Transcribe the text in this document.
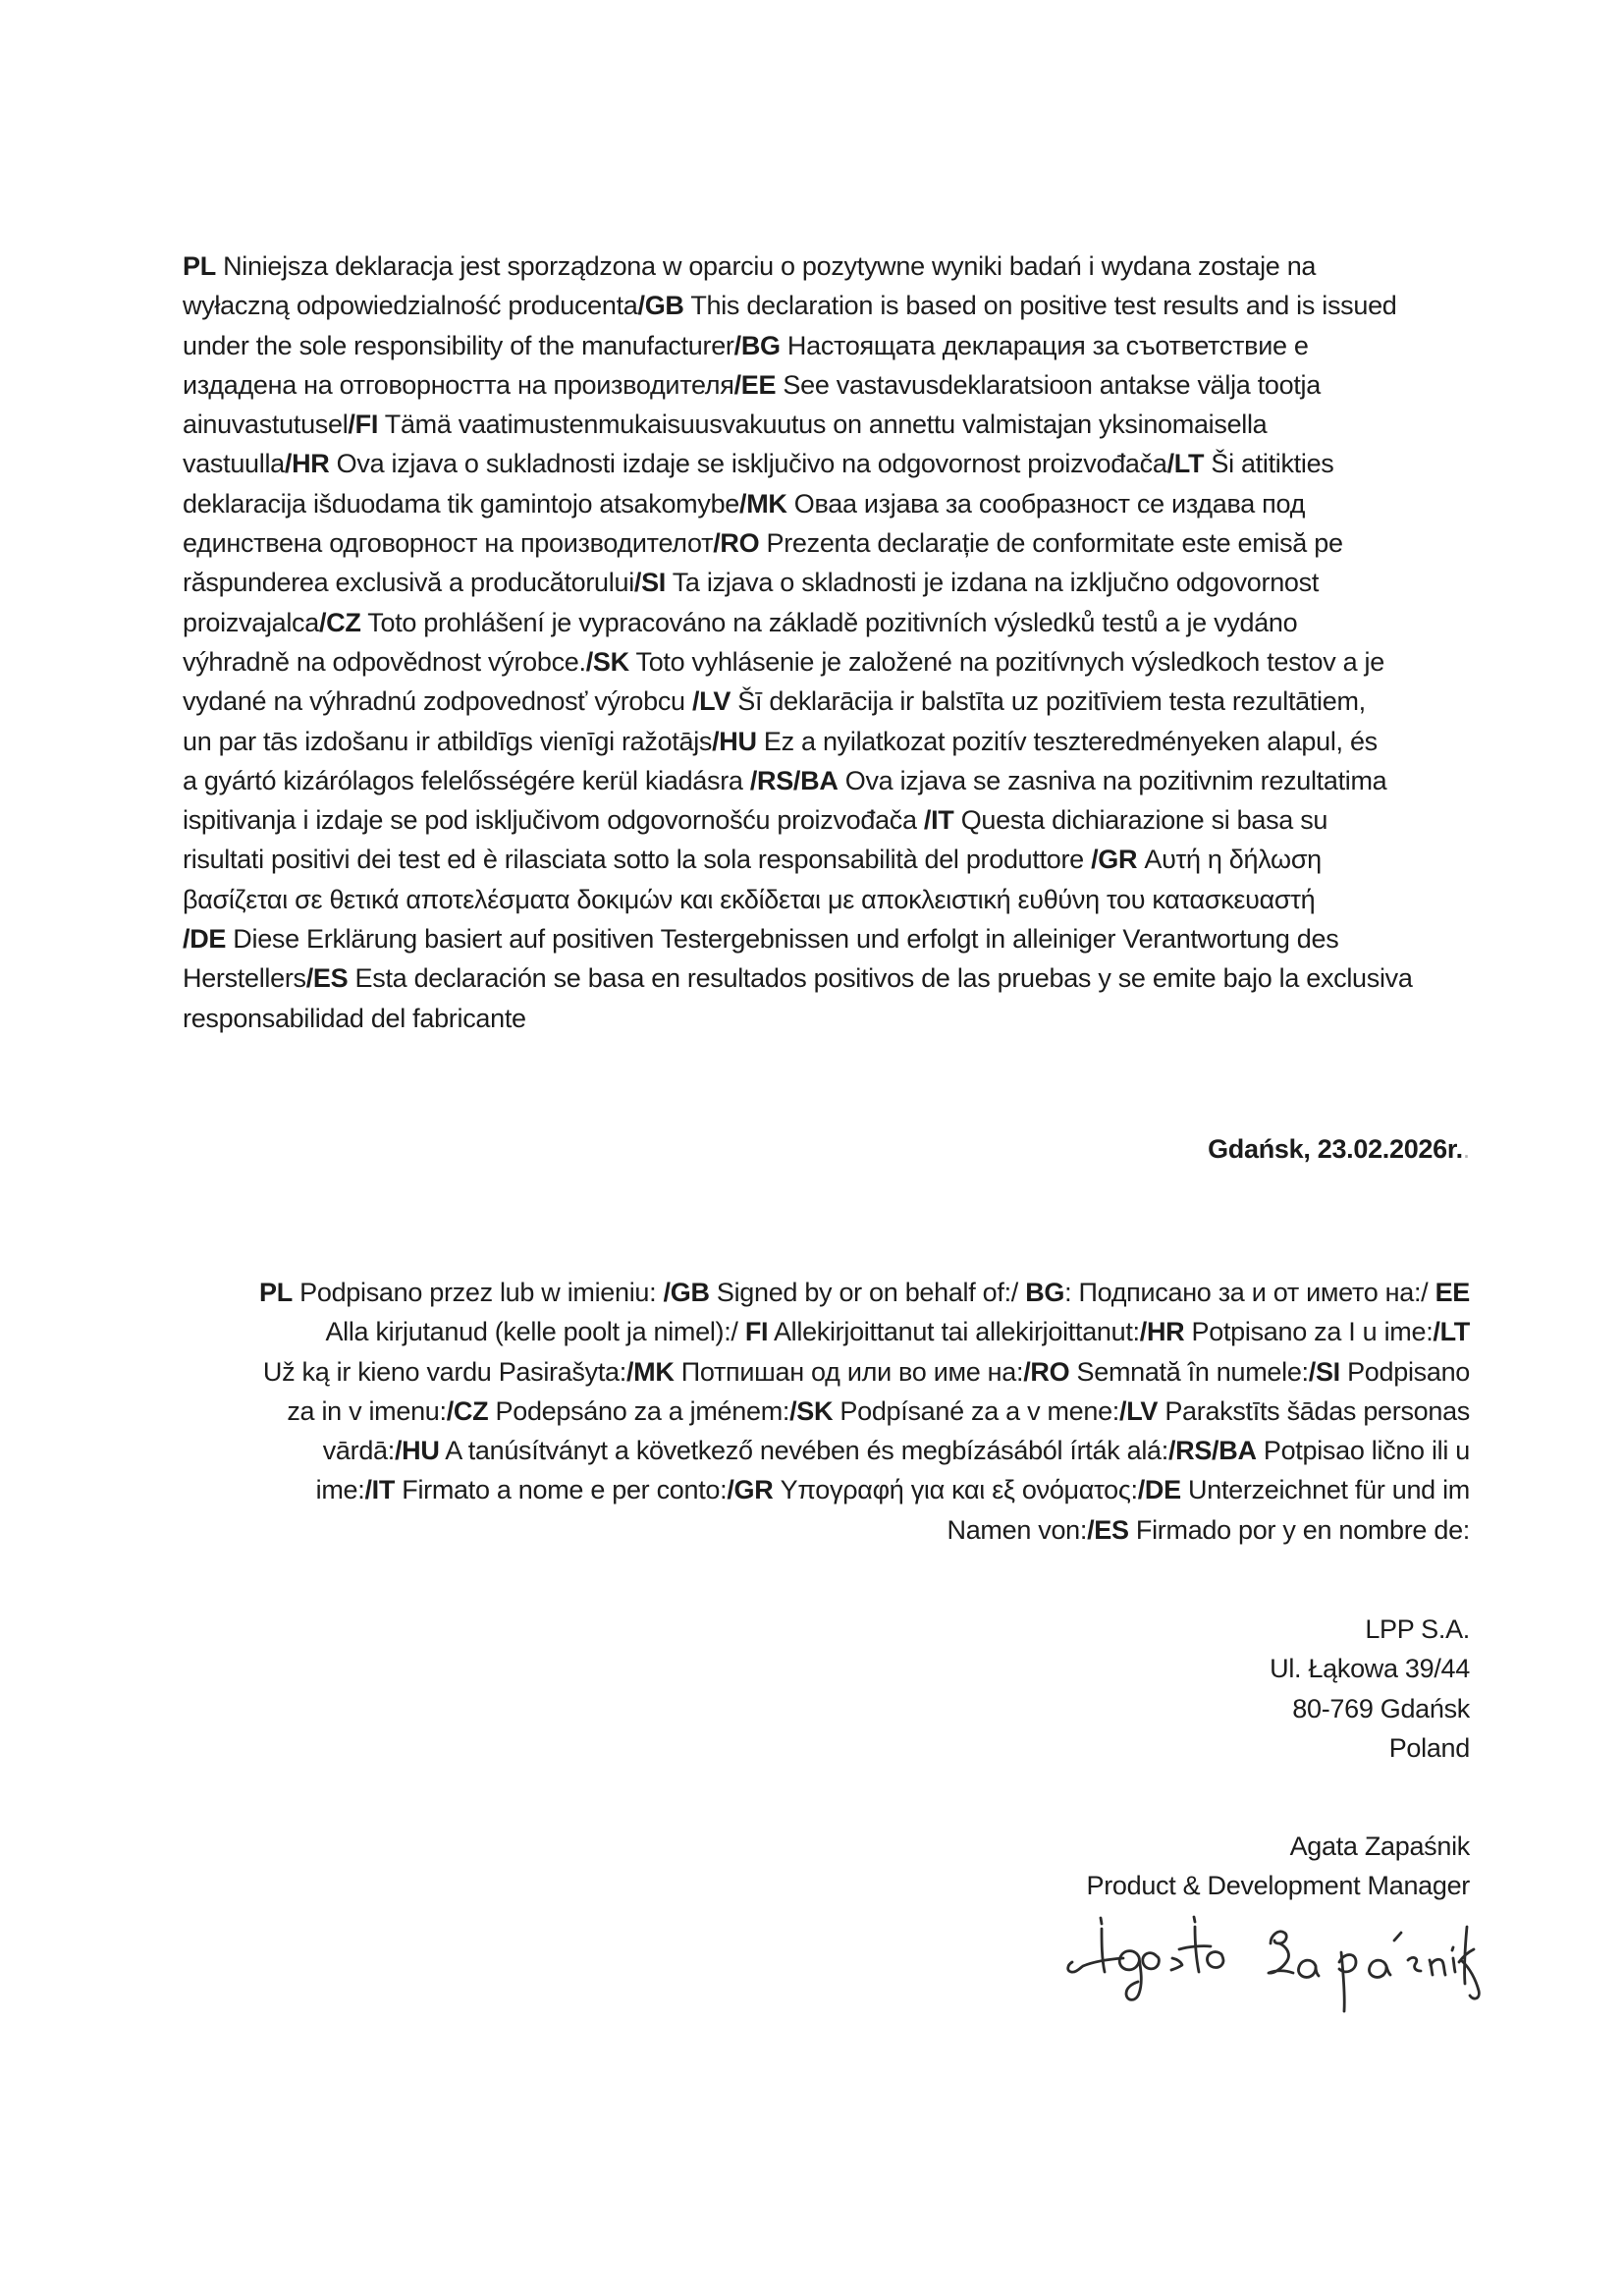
PL Niniejsza deklaracja jest sporządzona w oparciu o pozytywne wyniki badań i wydana zostaje na
wyłaczną odpowiedzialność producenta/GB This declaration is based on positive test results and is issued
under the sole responsibility of the manufacturer/BG Настоящата декларация за съответствие е
издадена на отговорността на производителя/EE See vastavusdeklaratsioon antakse välja tootja
ainuvastutusel/FI Tämä vaatimustenmukaisuusvakuutus on annettu valmistajan yksinomaisella
vastuulla/HR Ova izjava o sukladnosti izdaje se isključivo na odgovornost proizvođača/LT Ši atitikties
deklaracija išduodama tik gamintojo atsakomybe/MK Оваа изјава за сообразност се издава под
единствена одговорност на производителот/RO Prezenta declarație de conformitate este emisă pe
răspunderea exclusivă a producătorului/SI Ta izjava o skladnosti je izdana na izključno odgovornost
proizvajalca/CZ Toto prohlášení je vypracováno na základě pozitivních výsledků testů a je vydáno
výhradně na odpovědnost výrobce./SK Toto vyhlásenie je založené na pozitívnych výsledkoch testov a je
vydané na výhradnú zodpovednosť výrobcu /LV Šī deklarācija ir balstīta uz pozitīviem testa rezultātiem,
un par tās izdošanu ir atbildīgs vienīgi ražotājs/HU Ez a nyilatkozat pozitív teszteredményeken alapul, és
a gyártó kizárólagos felelősségére kerül kiadásra /RS/BA Ova izjava se zasniva na pozitivnim rezultatima
ispitivanja i izdaje se pod isključivom odgovornošću proizvođača /IT Questa dichiarazione si basa su
risultati positivi dei test ed è rilasciata sotto la sola responsabilità del produttore /GR Αυτή η δήλωση
βασίζεται σε θετικά αποτελέσματα δοκιμών και εκδίδεται με αποκλειστική ευθύνη του κατασκευαστή
/DE Diese Erklärung basiert auf positiven Testergebnissen und erfolgt in alleiniger Verantwortung des
Herstellers/ES Esta declaración se basa en resultados positivos de las pruebas y se emite bajo la exclusiva
responsabilidad del fabricante
Gdańsk, 23.02.2026r..
PL Podpisano przez lub w imieniu: /GB Signed by or on behalf of:/ BG: Подписано за и от името на:/ EE
Alla kirjutanud (kelle poolt ja nimel):/ FI Allekirjoittanut tai allekirjoittanut:/HR Potpisano za I u ime:/LT
Už ką ir kieno vardu Pasirašyta:/MK Потпишан од или во име на:/RO Semnată în numele:/SI Podpisano
za in v imenu:/CZ Podepsáno za a jménem:/SK Podpísané za a v mene:/LV Parakstīts šādas personas
vārdā:/HU A tanúsítványt a következő nevében és megbízásából írták alá:/RS/BA Potpisao lično ili u
ime:/IT Firmato a nome e per conto:/GR Υπογραφή για και εξ ονόματος:/DE Unterzeichnet für und im
Namen von:/ES Firmado por y en nombre de:
LPP S.A.
Ul. Łąkowa 39/44
80-769 Gdańsk
Poland
Agata Zapaśnik
Product & Development Manager
